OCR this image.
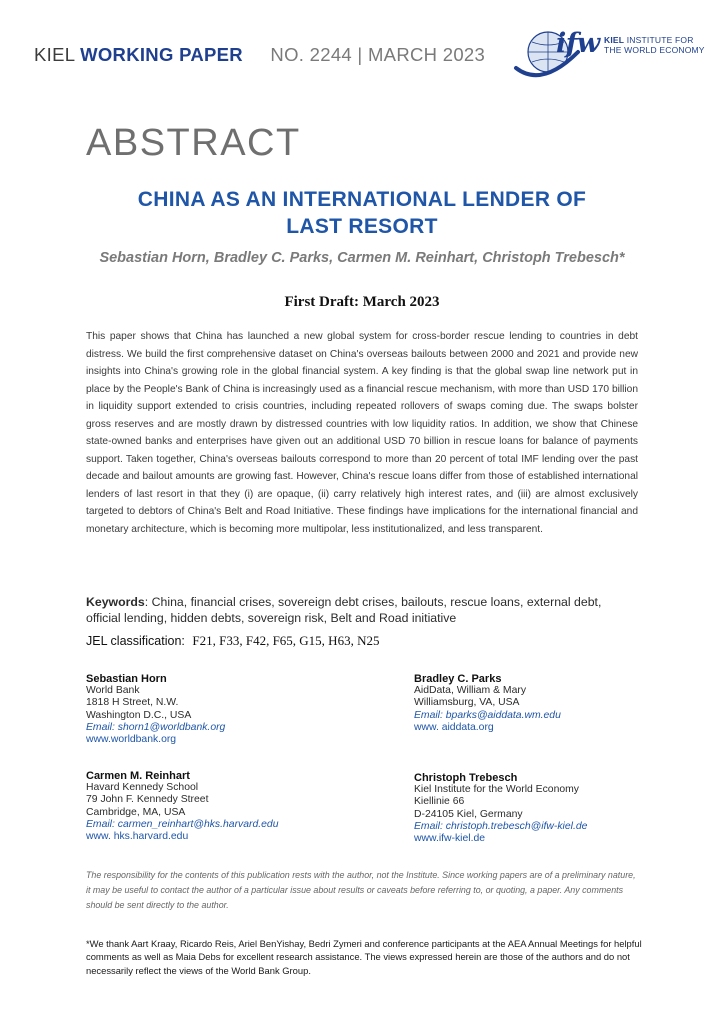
KIEL WORKING PAPER NO. 2244 | MARCH 2023	ifw KIEL INSTITUTE FOR
THE WORLD ECONOMY
ABSTRACT
CHINA AS AN INTERNATIONAL LENDER OF
LAST RESORT
Sebastian Horn, Bradley C. Parks, Carmen M. Reinhart, Christoph Trebesch*
First Draft: March 2023
This paper shows that China has launched a new global system for cross-border rescue lending to countries in debt distress. We build the first comprehensive dataset on China's overseas bailouts between 2000 and 2021 and provide new insights into China's growing role in the global financial system. A key finding is that the global swap line network put in place by the People's Bank of China is increasingly used as a financial rescue mechanism, with more than USD 170 billion in liquidity support extended to crisis countries, including repeated rollovers of swaps coming due. The swaps bolster gross reserves and are mostly drawn by distressed countries with low liquidity ratios. In addition, we show that Chinese state-owned banks and enterprises have given out an additional USD 70 billion in rescue loans for balance of payments support. Taken together, China's overseas bailouts correspond to more than 20 percent of total IMF lending over the past decade and bailout amounts are growing fast. However, China's rescue loans differ from those of established international lenders of last resort in that they (i) are opaque, (ii) carry relatively high interest rates, and (iii) are almost exclusively targeted to debtors of China's Belt and Road Initiative. These findings have implications for the international financial and monetary architecture, which is becoming more multipolar, less institutionalized, and less transparent.
Keywords: China, financial crises, sovereign debt crises, bailouts, rescue loans, external debt, official lending, hidden debts, sovereign risk, Belt and Road initiative
JEL classification: F21, F33, F42, F65, G15, H63, N25
Sebastian Horn
World Bank
1818 H Street, N.W.
Washington D.C., USA
Email: shorn1@worldbank.org
www.worldbank.org
Bradley C. Parks
AidData, William & Mary
Williamsburg, VA, USA
Email: bparks@aiddata.wm.edu
www. aiddata.org
Carmen M. Reinhart
Havard Kennedy School
79 John F. Kennedy Street
Cambridge, MA, USA
Email: carmen_reinhart@hks.harvard.edu
www. hks.harvard.edu
Christoph Trebesch
Kiel Institute for the World Economy
Kiellinie 66
D-24105 Kiel, Germany
Email: christoph.trebesch@ifw-kiel.de
www.ifw-kiel.de
The responsibility for the contents of this publication rests with the author, not the Institute. Since working papers are of a preliminary nature, it may be useful to contact the author of a particular issue about results or caveats before referring to, or quoting, a paper. Any comments should be sent directly to the author.
*We thank Aart Kraay, Ricardo Reis, Ariel BenYishay, Bedri Zymeri and conference participants at the AEA Annual Meetings for helpful comments as well as Maia Debs for excellent research assistance. The views expressed herein are those of the authors and do not necessarily reflect the views of the World Bank Group.
